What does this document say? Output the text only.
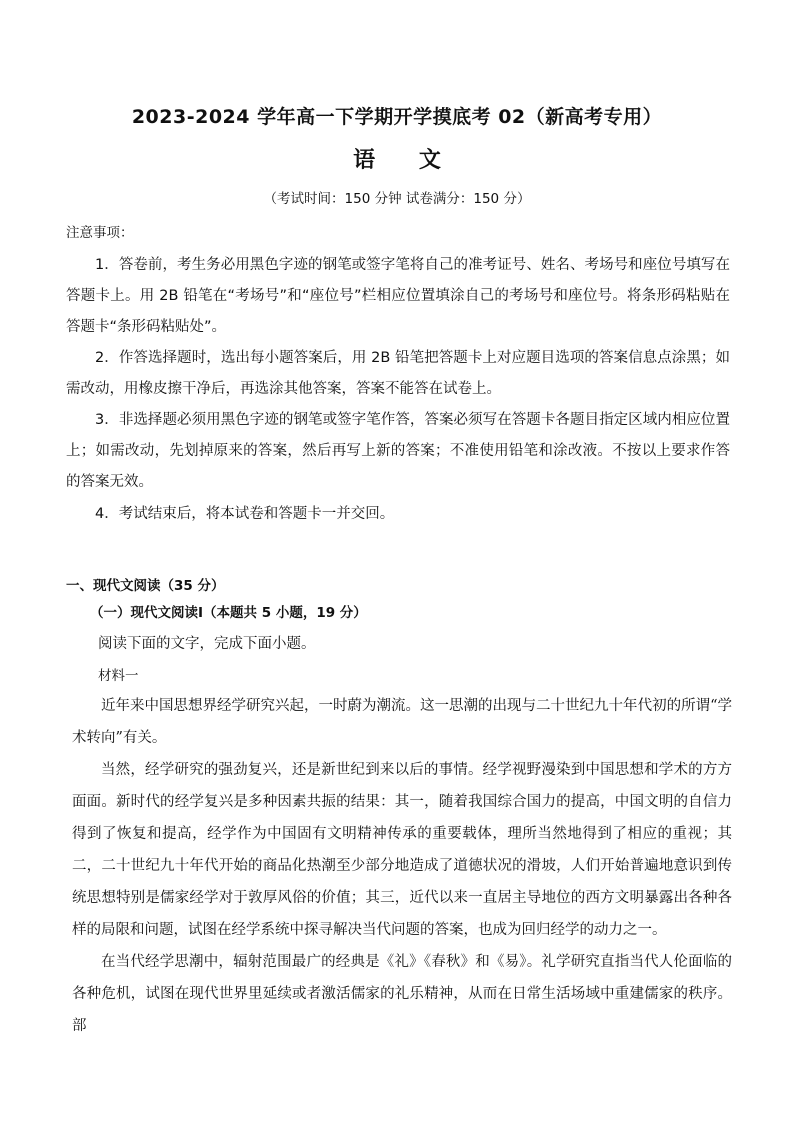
2023-2024 学年高一下学期开学摸底考 02（新高考专用）
语 文
（考试时间：150 分钟 试卷满分：150 分）
注意事项：

1．答卷前，考生务必用黑色字迹的钢笔或签字笔将自己的准考证号、姓名、考场号和座位号填写在答题卡上。用 2B 铅笔在“考场号”和“座位号”栏相应位置填涂自己的考场号和座位号。将条形码粘贴在答题卡“条形码粘贴处”。

2．作答选择题时，选出每小题答案后，用 2B 铅笔把答题卡上对应题目选项的答案信息点涂黑；如需改动，用橡皮擦干净后，再选涂其他答案，答案不能答在试卷上。

3．非选择题必须用黑色字迹的钢笔或签字笔作答，答案必须写在答题卡各题目指定区域内相应位置上；如需改动，先划掉原来的答案，然后再写上新的答案；不准使用铅笔和涂改液。不按以上要求作答的答案无效。

4．考试结束后，将本试卷和答题卡一并交回。

一、现代文阅读（35 分）
（一）现代文阅读Ⅰ（本题共 5 小题，19 分）
阅读下面的文字，完成下面小题。
材料一

近年来中国思想界经学研究兴起，一时蔚为潮流。这一思潮的出现与二十世纪九十年代初的所谓“学术转向”有关。

当然，经学研究的强劲复兴，还是新世纪到来以后的事情。经学视野漫染到中国思想和学术的方方面面。新时代的经学复兴是多种因素共振的结果：其一，随着我国综合国力的提高，中国文明的自信力得到了恢复和提高，经学作为中国固有文明精神传承的重要载体，理所当然地得到了相应的重视；其二，二十世纪九十年代开始的商品化热潮至少部分地造成了道德状况的滑坡，人们开始普遍地意识到传统思想特别是儒家经学对于敦厚风俗的价值；其三，近代以来一直居主导地位的西方文明暴露出各种各样的局限和问题，试图在经学系统中探寻解决当代问题的答案，也成为回归经学的动力之一。

在当代经学思潮中，辐射范围最广的经典是《礼》《春秋》和《易》。礼学研究直指当代人伦面临的各种危机，试图在现代世界里延续或者激活儒家的礼乐精神，从而在日常生活场域中重建儒家的秩序。部
